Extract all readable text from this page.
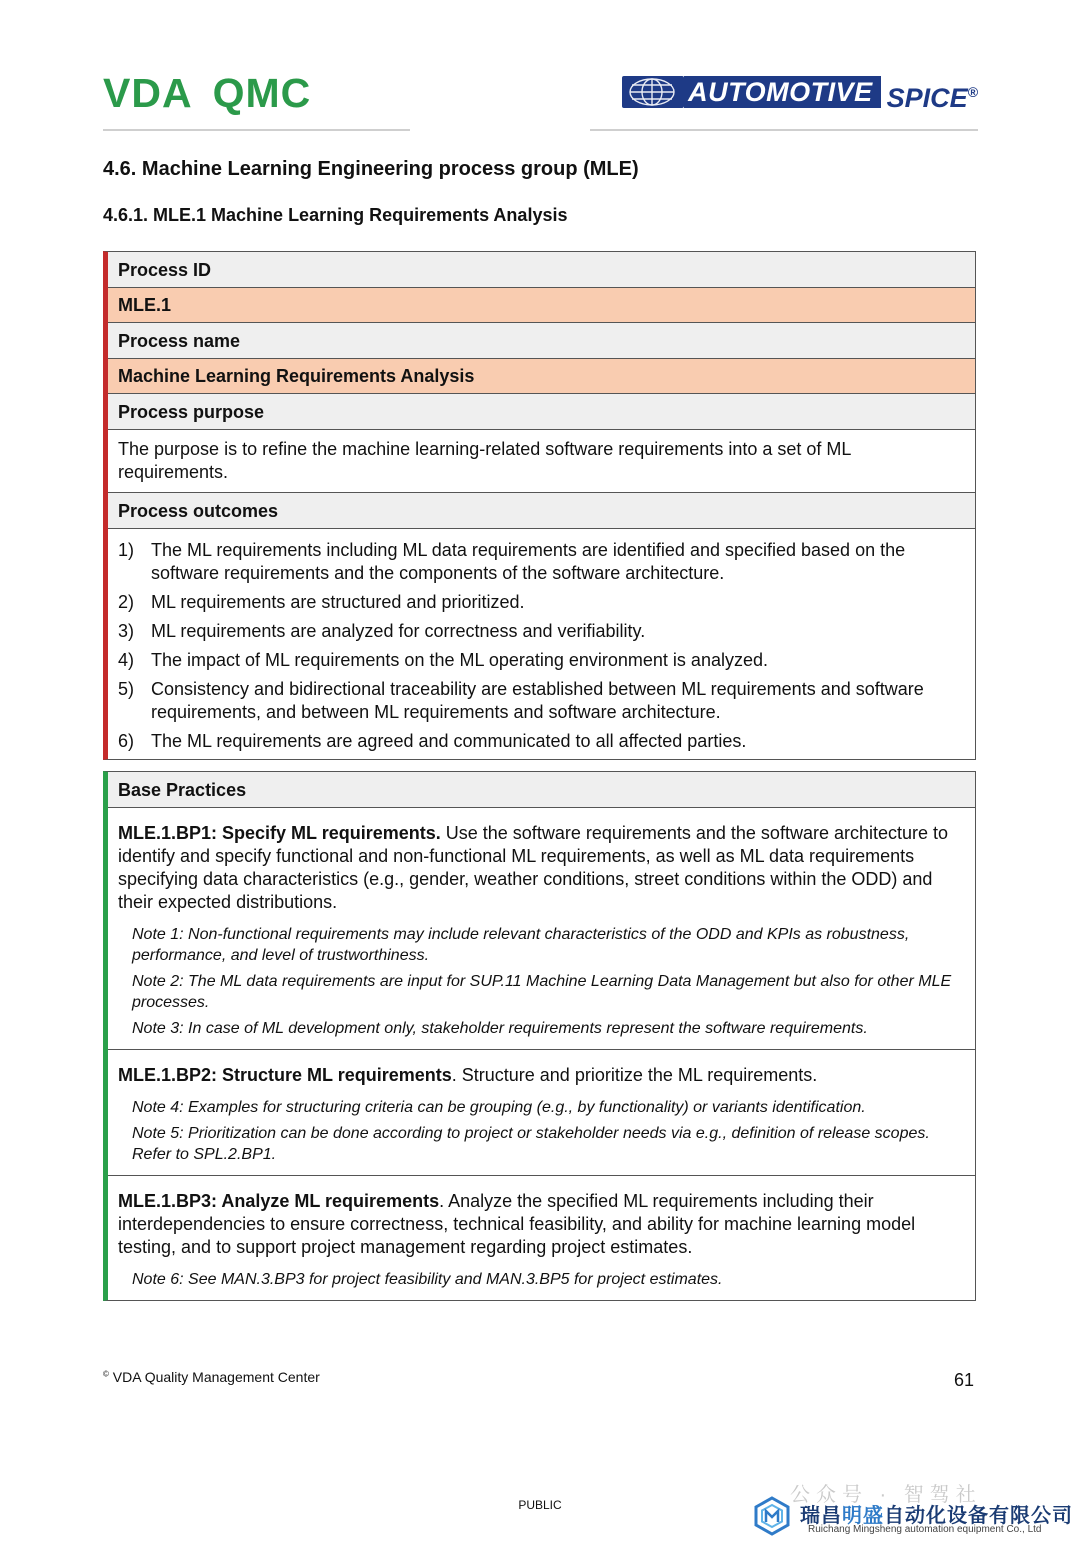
VDA QMC	AUTOMOTIVE SPICE®
4.6. Machine Learning Engineering process group (MLE)
4.6.1. MLE.1 Machine Learning Requirements Analysis
Process ID
MLE.1
Process name
Machine Learning Requirements Analysis
Process purpose
The purpose is to refine the machine learning-related software requirements into a set of ML requirements.
Process outcomes
1) The ML requirements including ML data requirements are identified and specified based on the software requirements and the components of the software architecture.
2) ML requirements are structured and prioritized.
3) ML requirements are analyzed for correctness and verifiability.
4) The impact of ML requirements on the ML operating environment is analyzed.
5) Consistency and bidirectional traceability are established between ML requirements and software requirements, and between ML requirements and software architecture.
6) The ML requirements are agreed and communicated to all affected parties.
Base Practices
MLE.1.BP1: Specify ML requirements. Use the software requirements and the software architecture to identify and specify functional and non-functional ML requirements, as well as ML data requirements specifying data characteristics (e.g., gender, weather conditions, street conditions within the ODD) and their expected distributions.
Note 1: Non-functional requirements may include relevant characteristics of the ODD and KPIs as robustness, performance, and level of trustworthiness.
Note 2: The ML data requirements are input for SUP.11 Machine Learning Data Management but also for other MLE processes.
Note 3: In case of ML development only, stakeholder requirements represent the software requirements.
MLE.1.BP2: Structure ML requirements. Structure and prioritize the ML requirements.
Note 4: Examples for structuring criteria can be grouping (e.g., by functionality) or variants identification.
Note 5: Prioritization can be done according to project or stakeholder needs via e.g., definition of release scopes. Refer to SPL.2.BP1.
MLE.1.BP3: Analyze ML requirements. Analyze the specified ML requirements including their interdependencies to ensure correctness, technical feasibility, and ability for machine learning model testing, and to support project management regarding project estimates.
Note 6: See MAN.3.BP3 for project feasibility and MAN.3.BP5 for project estimates.
© VDA Quality Management Center	61
PUBLIC	公众号 · 智驾社
瑞昌明盛自动化设备有限公司
Ruichang Mingsheng automation equipment Co., Ltd
